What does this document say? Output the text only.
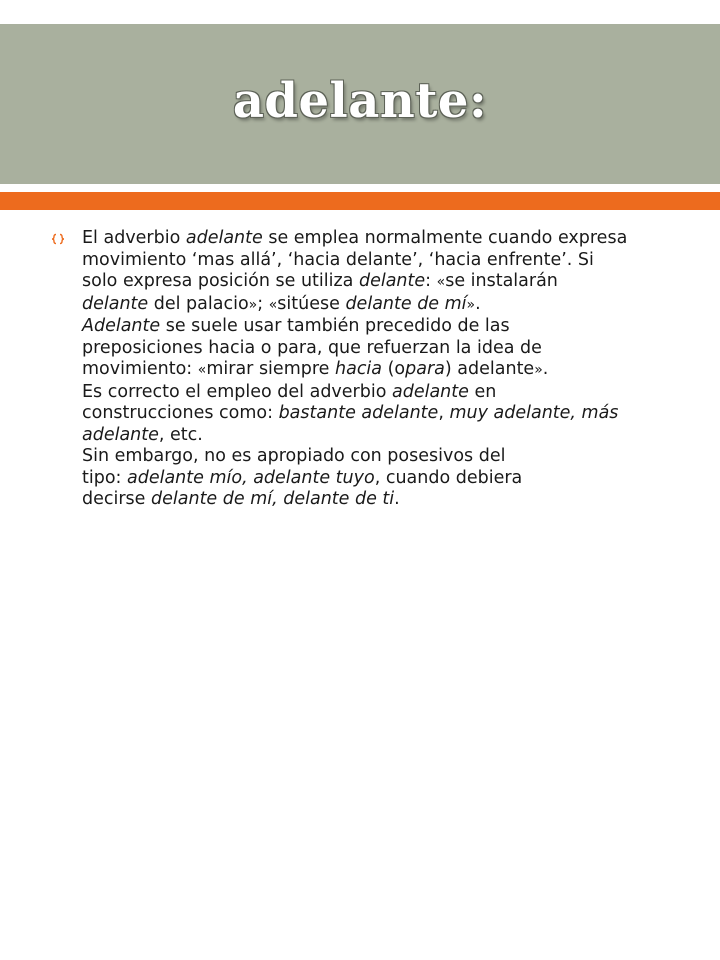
adelante:
El adverbio adelante se emplea normalmente cuando expresa
movimiento ‘mas allá’, ‘hacia delante’, ‘hacia enfrente’. Si
solo expresa posición se utiliza delante: «se instalarán
delante del palacio»; «sitúese delante de mí».
Adelante se suele usar también precedido de las
preposiciones hacia o para, que refuerzan la idea de
movimiento: «mirar siempre hacia (opara) adelante».
Es correcto el empleo del adverbio adelante en
construcciones como: bastante adelante, muy adelante, más
adelante, etc.
Sin embargo, no es apropiado con posesivos del
tipo: adelante mío, adelante tuyo, cuando debiera
decirse delante de mí, delante de ti.
